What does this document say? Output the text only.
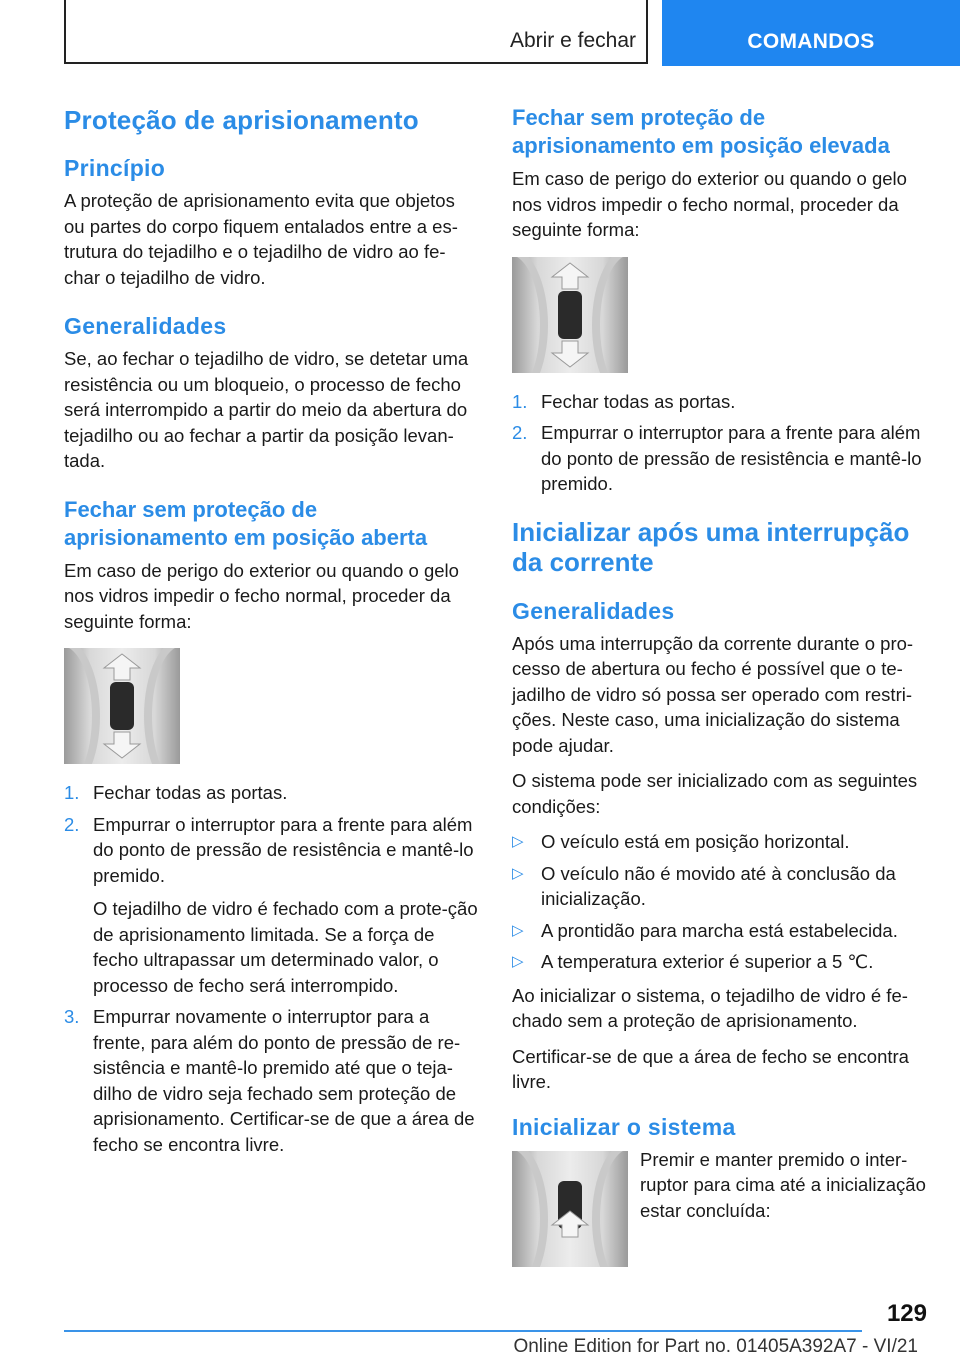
Abrir e fechar	COMANDOS
Proteção de aprisionamento
Princípio

A proteção de aprisionamento evita que objetos ou partes do corpo fiquem entalados entre a es-trutura do tejadilho e o tejadilho de vidro ao fe-char o tejadilho de vidro.

Generalidades

Se, ao fechar o tejadilho de vidro, se detetar uma resistência ou um bloqueio, o processo de fecho será interrompido a partir do meio da abertura do tejadilho ou ao fechar a partir da posição levan-tada.

Fechar sem proteção de aprisionamento em posição aberta

Em caso de perigo do exterior ou quando o gelo nos vidros impedir o fecho normal, proceder da seguinte forma:

1. Fechar todas as portas.
2. Empurrar o interruptor para a frente para além do ponto de pressão de resistência e mantê-lo premido.
O tejadilho de vidro é fechado com a prote-ção de aprisionamento limitada. Se a força de fecho ultrapassar um determinado valor, o processo de fecho será interrompido.
3. Empurrar novamente o interruptor para a frente, para além do ponto de pressão de re-sistência e mantê-lo premido até que o teja-dilho de vidro seja fechado sem proteção de aprisionamento. Certificar-se de que a área de fecho se encontra livre.
Fechar sem proteção de aprisionamento em posição elevada

Em caso de perigo do exterior ou quando o gelo nos vidros impedir o fecho normal, proceder da seguinte forma:

1. Fechar todas as portas.
2. Empurrar o interruptor para a frente para além do ponto de pressão de resistência e mantê-lo premido.
Inicializar após uma interrupção da corrente
Generalidades

Após uma interrupção da corrente durante o pro-cesso de abertura ou fecho é possível que o te-jadilho de vidro só possa ser operado com restri-ções. Neste caso, uma inicialização do sistema pode ajudar.

O sistema pode ser inicializado com as seguintes condições:

▷ O veículo está em posição horizontal.
▷ O veículo não é movido até à conclusão da inicialização.
▷ A prontidão para marcha está estabelecida.
▷ A temperatura exterior é superior a 5 ℃.

Ao inicializar o sistema, o tejadilho de vidro é fe-chado sem a proteção de aprisionamento.

Certificar-se de que a área de fecho se encontra livre.

Inicializar o sistema

Premir e manter premido o inter-ruptor para cima até a inicialização estar concluída:

129
Online Edition for Part no. 01405A392A7 - VI/21
